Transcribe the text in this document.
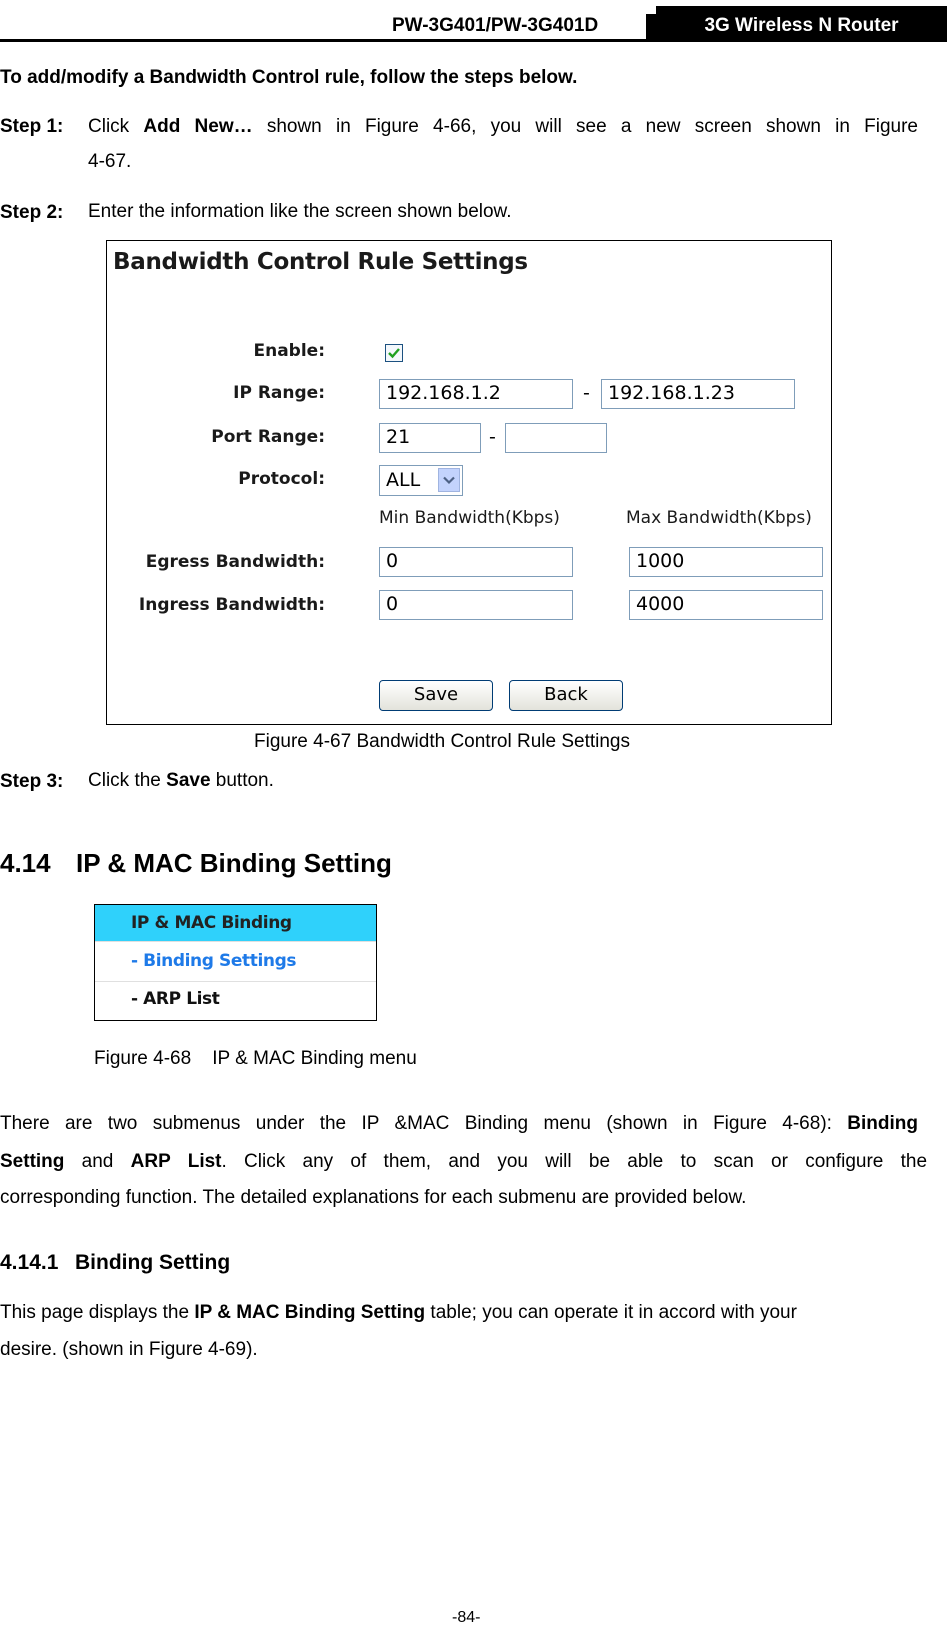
PW-3G401/PW-3G401D	3G Wireless N Router
To add/modify a Bandwidth Control rule, follow the steps below.
Step 1: Click Add New… shown in Figure 4-66, you will see a new screen shown in Figure
4-67.
Step 2: Enter the information like the screen shown below.
Bandwidth Control Rule Settings
Enable:
IP Range:	192.168.1.2	- 192.168.1.23
Port Range:	21	-
Protocol:	ALL
Min Bandwidth(Kbps)	Max Bandwidth(Kbps)
Egress Bandwidth:	0	1000
Ingress Bandwidth:	0	4000
Save	Back
Figure 4-67 Bandwidth Control Rule Settings
Step 3: Click the Save button.
4.14 IP & MAC Binding Setting
IP & MAC Binding
- Binding Settings
- ARP List
Figure 4-68    IP & MAC Binding menu
There are two submenus under the IP &MAC Binding menu (shown in Figure 4-68): Binding
Setting and ARP List. Click any of them, and you will be able to scan or configure the
corresponding function. The detailed explanations for each submenu are provided below.
4.14.1 Binding Setting
This page displays the IP & MAC Binding Setting table; you can operate it in accord with your
desire. (shown in Figure 4-69).
-84-
